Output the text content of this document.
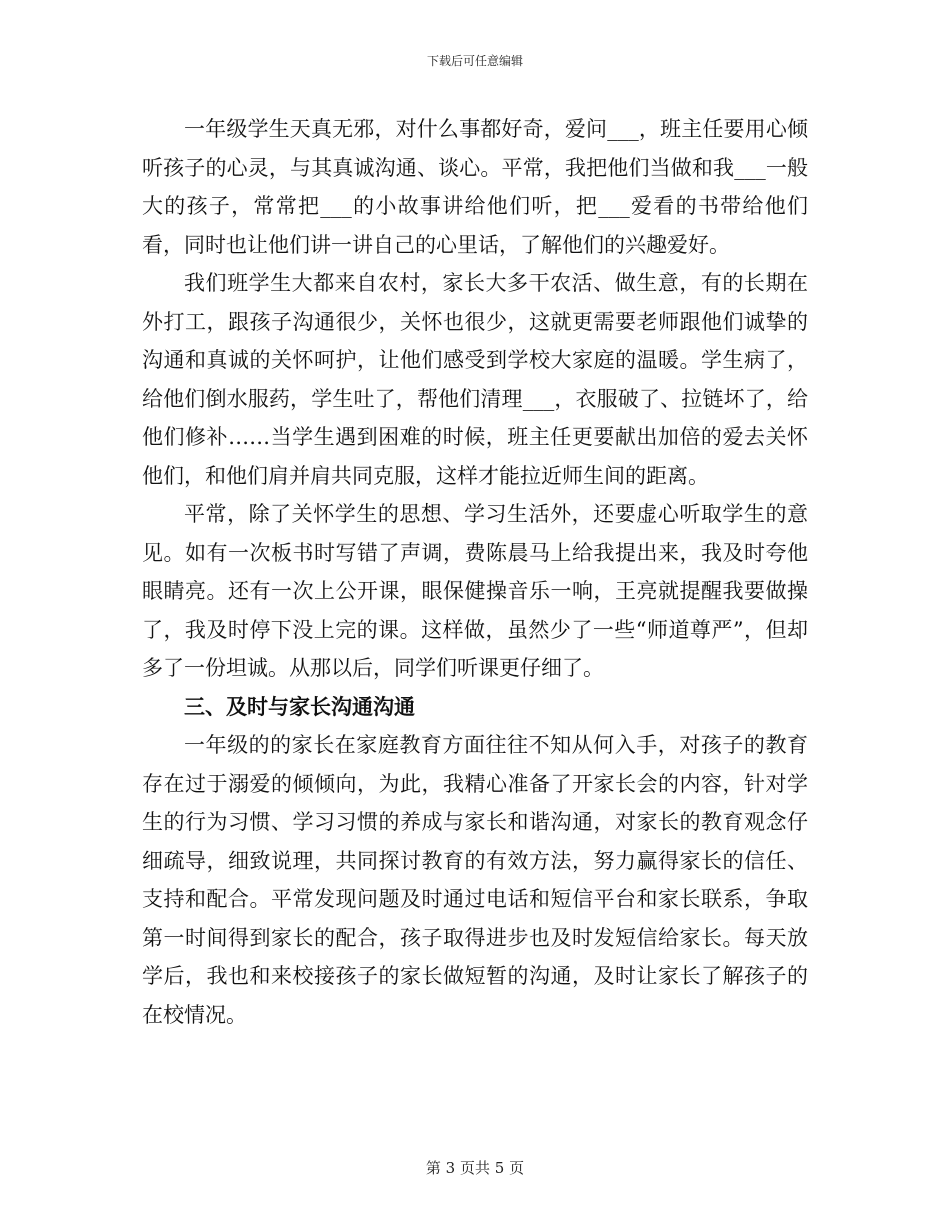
下载后可任意编辑

一年级学生天真无邪，对什么事都好奇，爱问___，班主任要用心倾听孩子的心灵，与其真诚沟通、谈心。平常，我把他们当做和我___一般大的孩子，常常把___的小故事讲给他们听，把___爱看的书带给他们看，同时也让他们讲一讲自己的心里话，了解他们的兴趣爱好。

我们班学生大都来自农村，家长大多干农活、做生意，有的长期在外打工，跟孩子沟通很少，关怀也很少，这就更需要老师跟他们诚挚的沟通和真诚的关怀呵护，让他们感受到学校大家庭的温暖。学生病了，给他们倒水服药，学生吐了，帮他们清理___，衣服破了、拉链坏了，给他们修补……当学生遇到困难的时候，班主任更要献出加倍的爱去关怀他们，和他们肩并肩共同克服，这样才能拉近师生间的距离。

平常，除了关怀学生的思想、学习生活外，还要虚心听取学生的意见。如有一次板书时写错了声调，费陈晨马上给我提出来，我及时夸他眼睛亮。还有一次上公开课，眼保健操音乐一响，王亮就提醒我要做操了，我及时停下没上完的课。这样做，虽然少了一些“师道尊严”，但却多了一份坦诚。从那以后，同学们听课更仔细了。

三、及时与家长沟通沟通

一年级的的家长在家庭教育方面往往不知从何入手，对孩子的教育存在过于溺爱的倾倾向，为此，我精心准备了开家长会的内容，针对学生的行为习惯、学习习惯的养成与家长和谐沟通，对家长的教育观念仔细疏导，细致说理，共同探讨教育的有效方法，努力赢得家长的信任、支持和配合。平常发现问题及时通过电话和短信平台和家长联系，争取第一时间得到家长的配合，孩子取得进步也及时发短信给家长。每天放学后，我也和来校接孩子的家长做短暂的沟通，及时让家长了解孩子的在校情况。

第 3 页共 5 页
